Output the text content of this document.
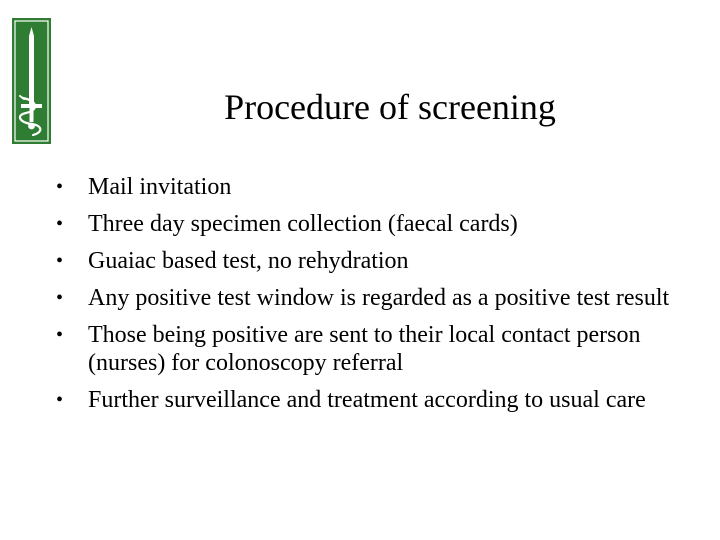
Procedure of screening
•	Mail invitation
•	Three day specimen collection (faecal cards)
•	Guaiac based test, no rehydration
•	Any positive test window is regarded as a positive test result
•	Those being positive are sent to their local contact person (nurses) for colonoscopy referral
•	Further surveillance and treatment according to usual care
